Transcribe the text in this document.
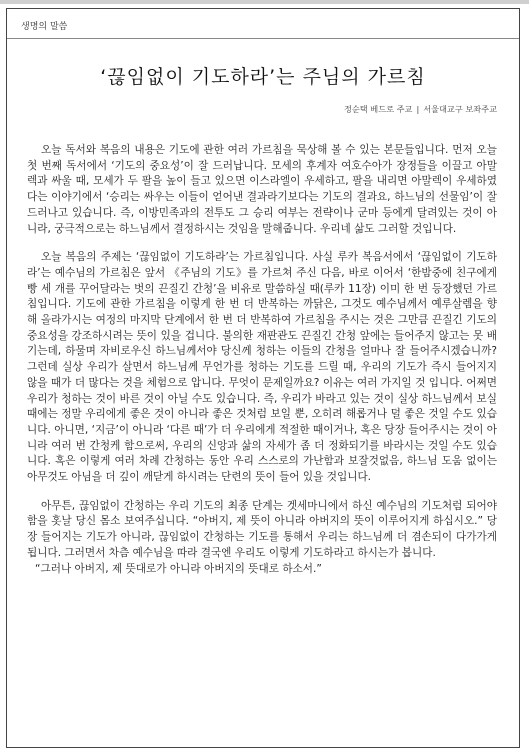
생명의 말씀
‘끊임없이 기도하라’는 주님의 가르침
정순택 베드로 주교 | 서울대교구 보좌주교

오늘 독서와 복음의 내용은 기도에 관한 여러 가르침을 묵상해 볼 수 있는 본문들입니다. 먼저 오늘 첫 번째 독서에서 ‘기도의 중요성’이 잘 드러납니다. 모세의 후계자 여호수아가 장정들을 이끌고 아말렉과 싸울 때, 모세가 두 팔을 높이 들고 있으면 이스라엘이 우세하고, 팔을 내리면 아말렉이 우세하였다는 이야기에서 ‘승리는 싸우는 이들이 얻어낸 결과라기보다는 기도의 결과요, 하느님의 선물임’이 잘 드러나고 있습니다. 즉, 이방민족과의 전투도 그 승리 여부는 전략이나 군마 등에게 달려있는 것이 아니라, 궁극적으로는 하느님께서 결정하시는 것임을 말해줍니다. 우리네 삶도 그러할 것입니다.

오늘 복음의 주제는 ‘끊임없이 기도하라’는 가르침입니다. 사실 루카 복음서에서 ‘끊임없이 기도하라’는 예수님의 가르침은 앞서 《주님의 기도》를 가르쳐 주신 다음, 바로 이어서 ‘한밤중에 친구에게 빵 세 개를 꾸어달라는 벗의 끈질긴 간청’을 비유로 말씀하실 때(루카 11장) 이미 한 번 등장했던 가르침입니다. 기도에 관한 가르침을 이렇게 한 번 더 반복하는 까닭은, 그것도 예수님께서 예루살렘을 향해 올라가시는 여정의 마지막 단계에서 한 번 더 반복하여 가르침을 주시는 것은 그만큼 끈질긴 기도의 중요성을 강조하시려는 뜻이 있을 겁니다. 불의한 재판관도 끈질긴 간청 앞에는 들어주지 않고는 못 배기는데, 하물며 자비로우신 하느님께서야 당신께 청하는 이들의 간청을 얼마나 잘 들어주시겠습니까? 그런데 실상 우리가 살면서 하느님께 무언가를 청하는 기도를 드릴 때, 우리의 기도가 즉시 들어지지 않을 때가 더 많다는 것을 체험으로 압니다. 무엇이 문제일까요? 이유는 여러 가지일 것 입니다. 어쩌면 우리가 청하는 것이 바른 것이 아닐 수도 있습니다. 즉, 우리가 바라고 있는 것이 실상 하느님께서 보실 때에는 정말 우리에게 좋은 것이 아니라 좋은 것처럼 보일 뿐, 오히려 해롭거나 덜 좋은 것일 수도 있습니다. 아니면, ‘지금’이 아니라 ‘다른 때’가 더 우리에게 적절한 때이거나, 혹은 당장 들어주시는 것이 아니라 여러 번 간청케 함으로써, 우리의 신앙과 삶의 자세가 좀 더 정화되기를 바라시는 것일 수도 있습니다. 혹은 이렇게 여러 차례 간청하는 동안 우리 스스로의 가난함과 보잘것없음, 하느님 도움 없이는 아무것도 아님을 더 깊이 깨닫게 하시려는 단련의 뜻이 들어 있을 것입니다.

아무튼, 끊임없이 간청하는 우리 기도의 최종 단계는 겟세마니에서 하신 예수님의 기도처럼 되어야 함을 홋날 당신 몸소 보여주십니다. “아버지, 제 뜻이 아니라 아버지의 뜻이 이루어지게 하십시오.” 당장 들어지는 기도가 아니라, 끊임없이 간청하는 기도를 통해서 우리는 하느님께 더 겸손되이 다가가게 됩니다. 그러면서 차츰 예수님을 따라 결국엔 우리도 이렇게 기도하라고 하시는가 봅니다.

“그러나 아버지, 제 뜻대로가 아니라 아버지의 뜻대로 하소서.”
